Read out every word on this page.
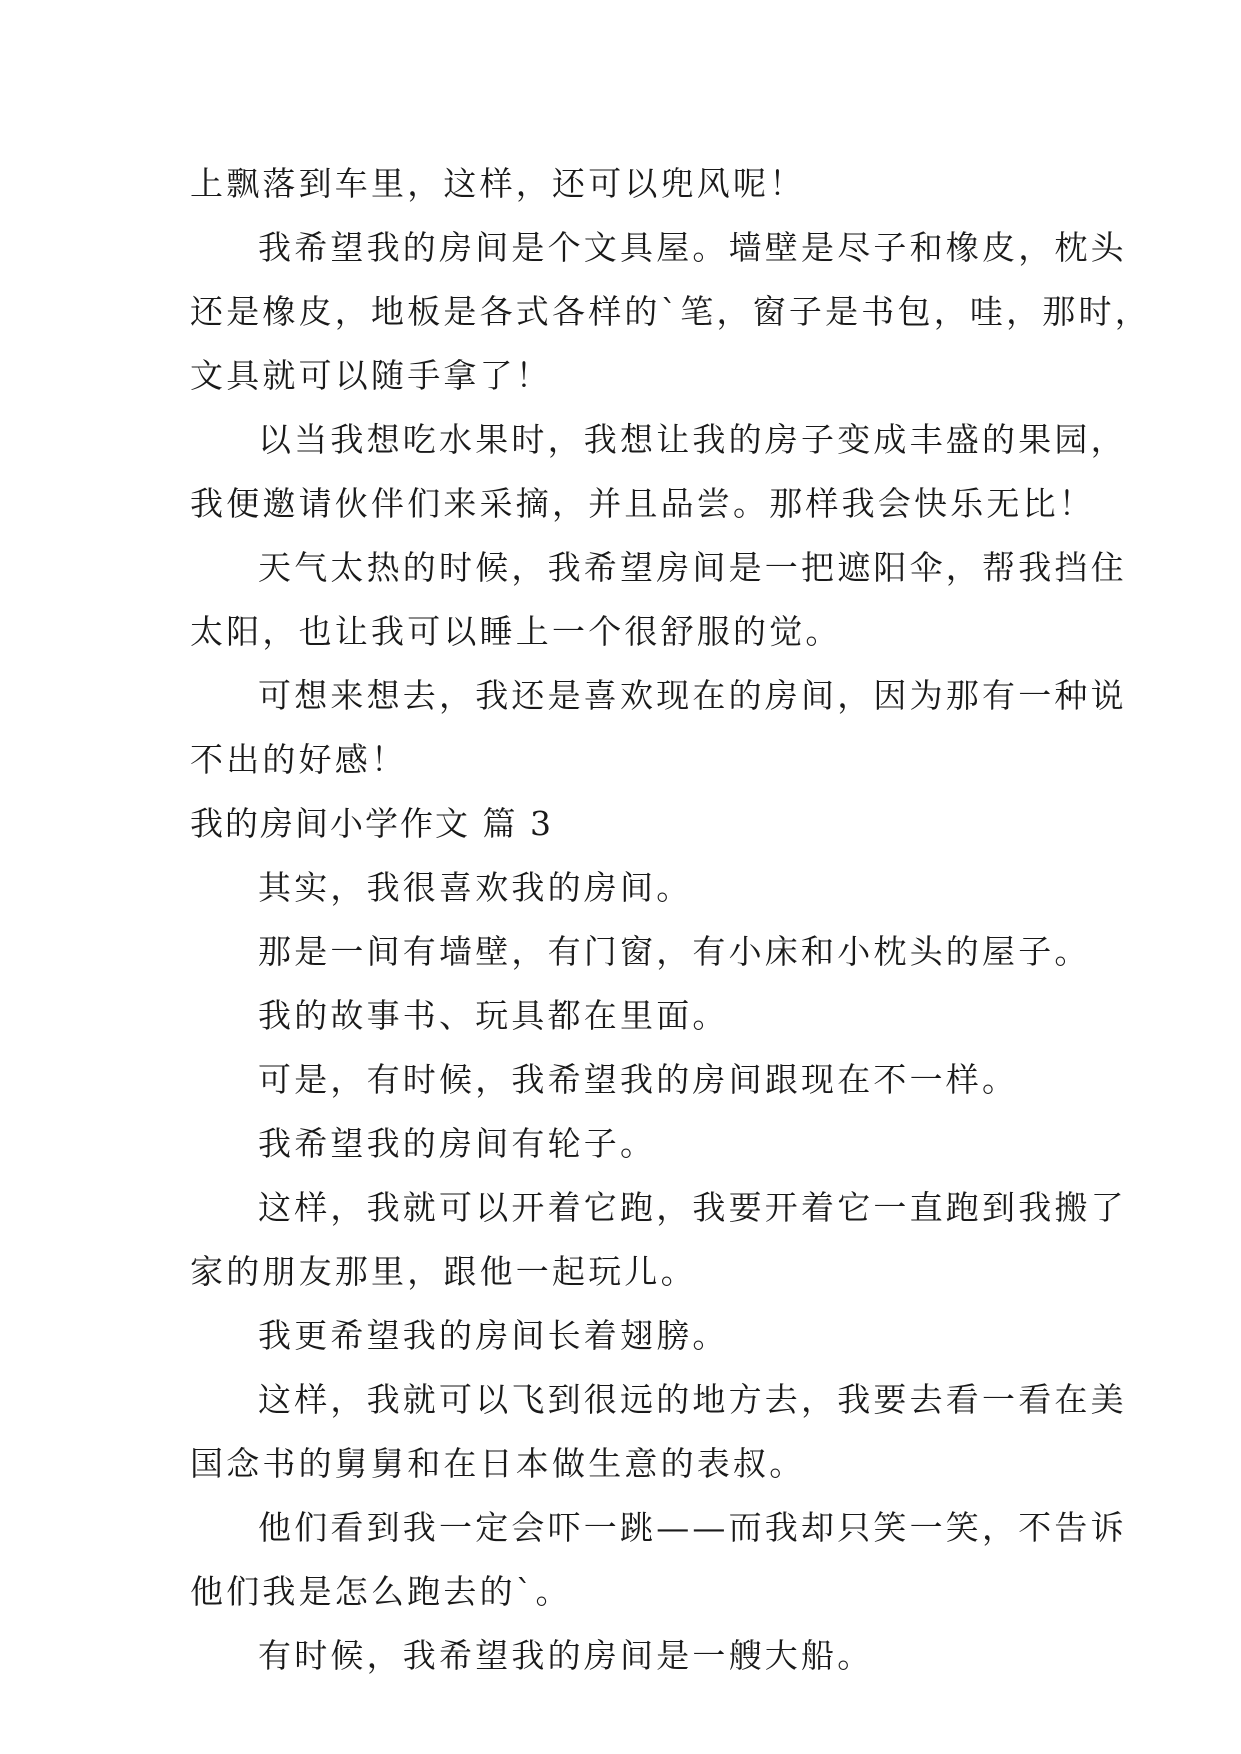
上飘落到车里，这样，还可以兜风呢！
我希望我的房间是个文具屋。墙壁是尽子和橡皮，枕头
还是橡皮，地板是各式各样的`笔，窗子是书包，哇，那时，
文具就可以随手拿了！
以当我想吃水果时，我想让我的房子变成丰盛的果园，
我便邀请伙伴们来采摘，并且品尝。那样我会快乐无比！
天气太热的时候，我希望房间是一把遮阳伞，帮我挡住
太阳，也让我可以睡上一个很舒服的觉。
可想来想去，我还是喜欢现在的房间，因为那有一种说
不出的好感！
我的房间小学作文 篇 3
其实，我很喜欢我的房间。
那是一间有墙壁，有门窗，有小床和小枕头的屋子。
我的故事书、玩具都在里面。
可是，有时候，我希望我的房间跟现在不一样。
我希望我的房间有轮子。
这样，我就可以开着它跑，我要开着它一直跑到我搬了
家的朋友那里，跟他一起玩儿。
我更希望我的房间长着翅膀。
这样，我就可以飞到很远的地方去，我要去看一看在美
国念书的舅舅和在日本做生意的表叔。
他们看到我一定会吓一跳——而我却只笑一笑，不告诉
他们我是怎么跑去的`。
有时候，我希望我的房间是一艘大船。
